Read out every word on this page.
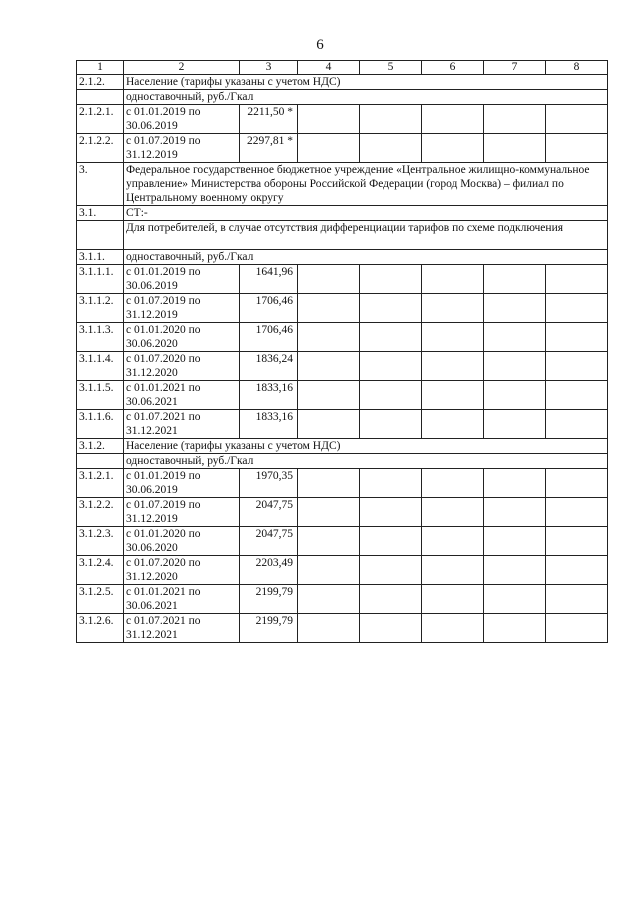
6
1	2	3	4	5	6	7	8
2.1.2.	Население (тарифы указаны с учетом НДС)						
	одноставочный, руб./Гкал						
2.1.2.1.	с 01.01.2019 по 30.06.2019	2211,50 *					
2.1.2.2.	с 01.07.2019 по 31.12.2019	2297,81 *					
3.	Федеральное государственное бюджетное учреждение «Центральное жилищно-коммунальное управление» Министерства обороны Российской Федерации (город Москва) – филиал по Центральному военному округу						
3.1.	СТ:-						
	Для потребителей, в случае отсутствия дифференциации тарифов по схеме подключения						
3.1.1.	одноставочный, руб./Гкал						
3.1.1.1.	с 01.01.2019 по 30.06.2019	1641,96					
3.1.1.2.	с 01.07.2019 по 31.12.2019	1706,46					
3.1.1.3.	с 01.01.2020 по 30.06.2020	1706,46					
3.1.1.4.	с 01.07.2020 по 31.12.2020	1836,24					
3.1.1.5.	с 01.01.2021 по 30.06.2021	1833,16					
3.1.1.6.	с 01.07.2021 по 31.12.2021	1833,16					
3.1.2.	Население (тарифы указаны с учетом НДС)						
	одноставочный, руб./Гкал						
3.1.2.1.	с 01.01.2019 по 30.06.2019	1970,35					
3.1.2.2.	с 01.07.2019 по 31.12.2019	2047,75					
3.1.2.3.	с 01.01.2020 по 30.06.2020	2047,75					
3.1.2.4.	с 01.07.2020 по 31.12.2020	2203,49					
3.1.2.5.	с 01.01.2021 по 30.06.2021	2199,79					
3.1.2.6.	с 01.07.2021 по 31.12.2021	2199,79					
